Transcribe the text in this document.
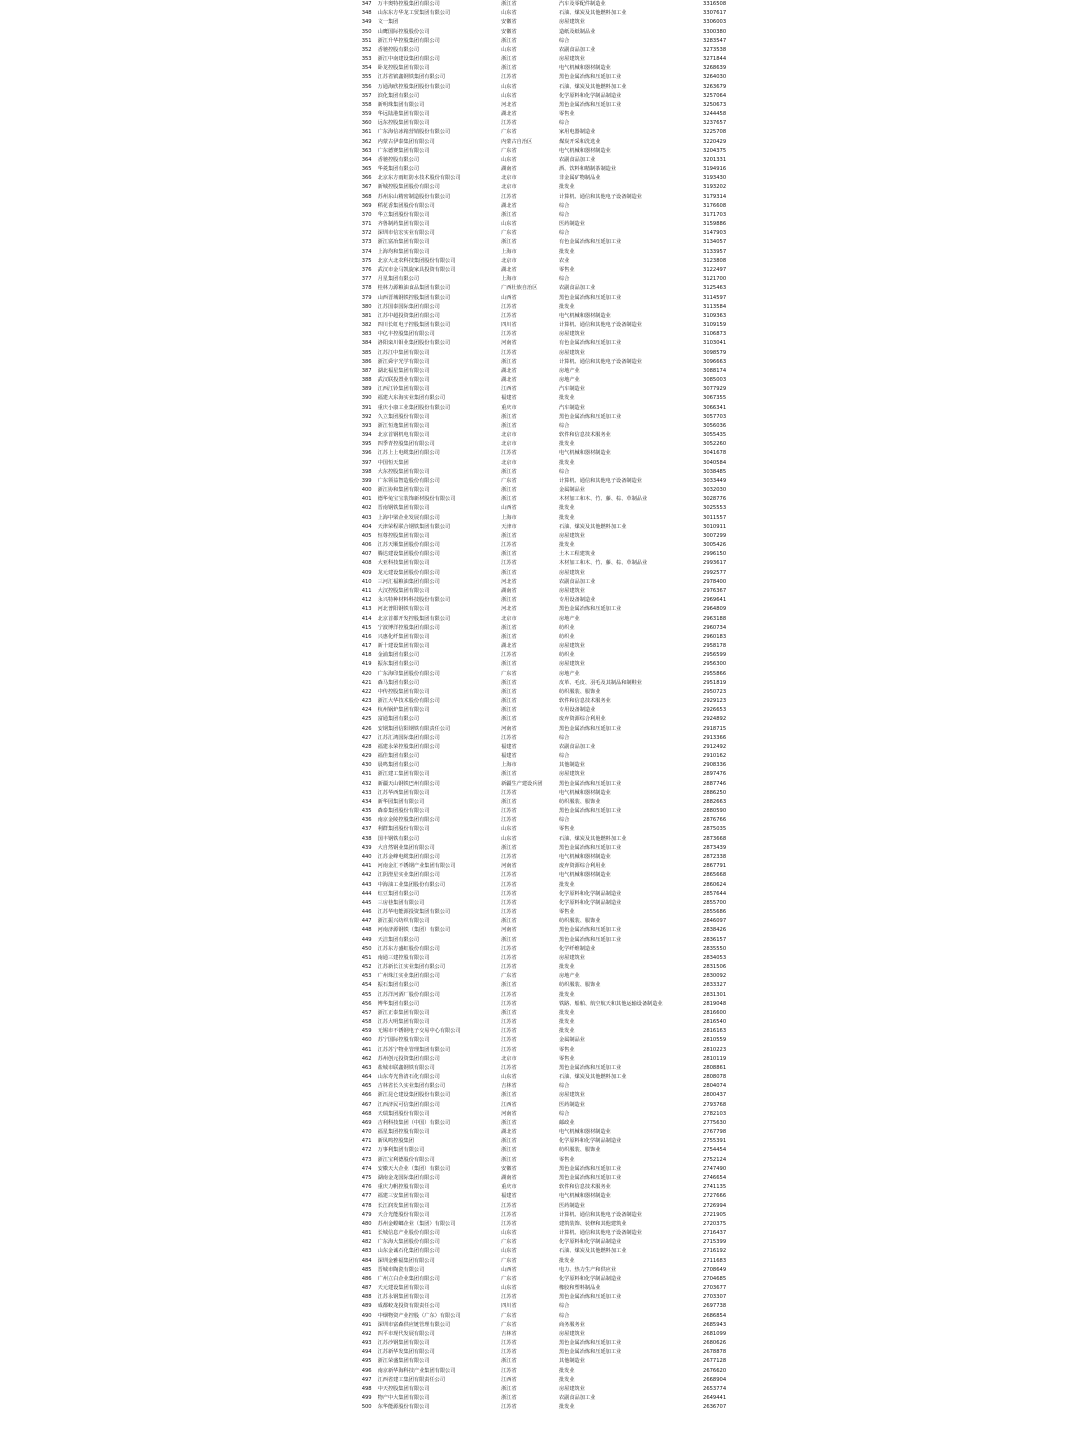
347	万丰奥特控股集团有限公司	浙江省	汽车及零配件制造业	3316508
348	山东东方华龙工贸集团有限公司	山东省	石油、煤炭及其他燃料加工业	3307617
349	文一集团	安徽省	房屋建筑业	3306003
350	山鹰国际控股股份公司	安徽省	造纸及纸制品业	3300380
351	浙江升华控股集团有限公司	浙江省	综合	3283547
352	香驰控股有限公司	山东省	农副食品加工业	3273538
353	浙江中南建设集团有限公司	浙江省	房屋建筑业	3271844
354	卧龙控股集团有限公司	浙江省	电气机械和器材制造业	3268639
355	江苏省镔鑫钢铁集团有限公司	江苏省	黑色金属冶炼和压延加工业	3264030
356	万通海欣控股集团股份有限公司	山东省	石油、煤炭及其他燃料加工业	3263679
357	滨化集团有限公司	山东省	化学原料和化学制品制造业	3257064
358	新明珠集团有限公司	河北省	黑色金属冶炼和压延加工业	3250673
359	华远陆港集团有限公司	湖北省	零售业	3244458
360	远东控股集团有限公司	江苏省	综合	3237657
361	广东海信冰箱营销股份有限公司	广东省	家用电器制造业	3225708
362	内蒙古伊泰集团有限公司	内蒙古自治区	煤炭开采和洗选业	3220429
363	广东德赛集团有限公司	广东省	电气机械和器材制造业	3204375
364	香驰控股有限公司	山东省	农副食品加工业	3201331
365	华菱集团有限公司	湖南省	酒、饮料和精制茶制造业	3194916
366	北京东方雨虹防水技术股份有限公司	北京市	非金属矿物制品业	3193430
367	新城控股集团股份有限公司	北京市	批发业	3193202
368	苏州东山精密制造股份有限公司	江苏省	计算机、通信和其他电子设备制造业	3179314
369	稻花香集团股份有限公司	湖北省	综合	3176608
370	华立集团股份有限公司	浙江省	综合	3171703
371	齐鲁制药集团有限公司	山东省	医药制造业	3159886
372	深圳市信宏实业有限公司	广东省	综合	3147903
373	浙江富冶集团有限公司	浙江省	有色金属冶炼和压延加工业	3134057
374	上海均和集团有限公司	上海市	批发业	3133957
375	北京大北农科技集团股份有限公司	北京市	农业	3123808
376	武汉市金马凯旋家具投资有限公司	湖北省	零售业	3122497
377	月星集团有限公司	上海市	综合	3121700
378	桂林力源粮油食品集团有限公司	广西壮族自治区	农副食品加工业	3125463
379	山西晋城钢铁控股集团有限公司	山西省	黑色金属冶炼和压延加工业	3114597
380	江苏国泰国际集团有限公司	江苏省	批发业	3113584
381	江苏中超投资集团有限公司	江苏省	电气机械和器材制造业	3109363
382	四川长虹电子控股集团有限公司	四川省	计算机、通信和其他电子设备制造业	3109159
383	中亿丰控股集团有限公司	江苏省	房屋建筑业	3106873
384	洛阳栾川钼业集团股份有限公司	河南省	有色金属冶炼和压延加工业	3103041
385	江苏江中集团有限公司	江苏省	房屋建筑业	3098579
386	浙江舜宇光学有限公司	浙江省	计算机、通信和其他电子设备制造业	3096663
387	湖北福星集团有限公司	湖北省	房地产业	3088174
388	武汉联投置业有限公司	湖北省	房地产业	3085003
389	江西江铃集团有限公司	江西省	汽车制造业	3077929
390	福建大东海实业集团有限公司	福建省	批发业	3067355
391	重庆小康工业集团股份有限公司	重庆市	汽车制造业	3066341
392	久立集团股份有限公司	浙江省	黑色金属冶炼和压延加工业	3057703
393	浙江恒逸集团有限公司	浙江省	综合	3056036
394	北京首钢机电有限公司	北京市	软件和信息技术服务业	3055435
395	四季青控股集团有限公司	北京市	批发业	3052260
396	江苏上上电缆集团有限公司	江苏省	电气机械和器材制造业	3041678
397	中国恒天集团	北京市	批发业	3040584
398	大东控股集团有限公司	浙江省	综合	3038485
399	广东领益智造股份有限公司	广东省	计算机、通信和其他电子设备制造业	3033449
400	浙江协和集团有限公司	浙江省	金属制品业	3032030
401	德华兔宝宝装饰新材股份有限公司	浙江省	木材加工和木、竹、藤、棕、草制品业	3028776
402	晋南钢铁集团有限公司	山西省	批发业	3025553
403	上海中梁企业发展有限公司	上海市	批发业	3011557
404	天津荣程联合钢铁集团有限公司	天津市	石油、煤炭及其他燃料加工业	3010911
405	恒尊控股集团有限公司	浙江省	房屋建筑业	3007299
406	江苏天顺集团股份有限公司	江苏省	批发业	3005426
407	腾达建设集团股份有限公司	浙江省	土木工程建筑业	2996150
408	大亚科技集团有限公司	江苏省	木材加工和木、竹、藤、棕、草制品业	2993617
409	龙元建设集团股份有限公司	浙江省	房屋建筑业	2992577
410	三河汇福粮油集团有限公司	河北省	农副食品加工业	2978400
411	大汉控股集团有限公司	湖南省	房屋建筑业	2976367
412	永兴特种材料科技股份有限公司	浙江省	专用设备制造业	2969641
413	河北普阳钢铁有限公司	河北省	黑色金属冶炼和压延加工业	2964809
414	北京首都开发控股集团有限公司	北京市	房地产业	2963188
415	宁波博洋控股集团有限公司	浙江省	纺织业	2960734
416	兴惠化纤集团有限公司	浙江省	纺织业	2960183
417	新十建设集团有限公司	湖北省	房屋建筑业	2958178
418	金浦集团有限公司	江苏省	纺织业	2956599
419	振东集团有限公司	浙江省	房屋建筑业	2956300
420	广东海印集团股份有限公司	广东省	房地产业	2955866
421	森马集团有限公司	浙江省	皮革、毛皮、羽毛及其制品和制鞋业	2951819
422	中传控股集团有限公司	浙江省	纺织服装、服饰业	2950723
423	浙江大华技术股份有限公司	浙江省	软件和信息技术服务业	2929123
424	杭州锅炉集团有限公司	浙江省	专用设备制造业	2926653
425	富通集团有限公司	浙江省	废弃资源综合利用业	2924892
426	安钢集团信阳钢铁有限责任公司	河南省	黑色金属冶炼和压延加工业	2918715
427	江苏汇鸿国际集团有限公司	江苏省	综合	2913366
428	福建永荣控股集团有限公司	福建省	农副食品加工业	2912492
429	福佳集团有限公司	福建省	综合	2910162
430	晨鸣集团有限公司	上海市	其他制造业	2908336
431	浙江建工集团有限公司	浙江省	房屋建筑业	2897476
432	新疆天山钢铁巴州有限公司	新疆生产建设兵团	黑色金属冶炼和压延加工业	2887746
433	江苏华西集团有限公司	江苏省	电气机械和器材制造业	2886250
434	新华园集团有限公司	浙江省	纺织服装、服饰业	2882663
435	森泰集团股份有限公司	江苏省	黑色金属冶炼和压延加工业	2880590
436	南京金陵控股集团有限公司	江苏省	综合	2876766
437	利群集团股份有限公司	山东省	零售业	2875035
438	国丰钢铁有限公司	山东省	石油、煤炭及其他燃料加工业	2873668
439	大自然钢业集团有限公司	浙江省	黑色金属冶炼和压延加工业	2873439
440	江苏金峰电缆集团有限公司	江苏省	电气机械和器材制造业	2872338
441	河南金汇不锈钢产业集团有限公司	河南省	废弃资源综合利用业	2867791
442	江阴澄星实业集团有限公司	江苏省	电气机械和器材制造业	2865668
443	中海油工业集团股份有限公司	江苏省	批发业	2860624
444	红豆集团有限公司	江苏省	化学原料和化学制品制造业	2857644
445	三房巷集团有限公司	江苏省	化学原料和化学制品制造业	2855700
446	江苏华电能源投资集团有限公司	江苏省	零售业	2855686
447	浙江振兴纺织有限公司	浙江省	纺织服装、服饰业	2846097
448	河南济源钢铁（集团）有限公司	河南省	黑色金属冶炼和压延加工业	2838426
449	天洁集团有限公司	浙江省	黑色金属冶炼和压延加工业	2836157
450	江苏东方盛虹股份有限公司	江苏省	化学纤维制造业	2835550
451	南通三建控股有限公司	江苏省	房屋建筑业	2834053
452	江苏新长江实业集团有限公司	江苏省	批发业	2831506
453	广州珠江实业集团有限公司	广东省	房地产业	2830092
454	振石集团有限公司	浙江省	纺织服装、服饰业	2833327
455	江苏洋河酒厂股份有限公司	江苏省	批发业	2831301
456	博华集团有限公司	江苏省	铁路、船舶、航空航天和其他运输设备制造业	2819048
457	浙江正泰集团有限公司	浙江省	批发业	2816600
458	江苏大明集团有限公司	江苏省	批发业	2816540
459	无锡市不锈钢电子交易中心有限公司	江苏省	批发业	2816163
460	苏宁国际控股有限公司	江苏省	金属制品业	2810559
461	江苏苏宁物业管理集团有限公司	江苏省	零售业	2810223
462	苏州创元投资集团有限公司	北京市	零售业	2810119
463	盐城市联鑫钢铁有限公司	江苏省	黑色金属冶炼和压延加工业	2808861
464	山东寿光鲁清石化有限公司	山东省	石油、煤炭及其他燃料加工业	2808078
465	吉林省长久实业集团有限公司	吉林省	综合	2804074
466	浙江昆仑建设集团股份有限公司	浙江省	房屋建筑业	2800437
467	江西济民可信集团有限公司	江西省	医药制造业	2793768
468	天瑞集团股份有限公司	河南省	综合	2782103
469	吉利科技集团（中国）有限公司	浙江省	邮政业	2775630
470	福星集团控股有限公司	湖北省	电气机械和器材制造业	2767798
471	新凤鸣控股集团	浙江省	化学原料和化学制品制造业	2755391
472	万事利集团有限公司	浙江省	纺织服装、服饰业	2754454
473	浙江宝利德股份有限公司	浙江省	零售业	2752124
474	安徽天大企业（集团）有限公司	安徽省	黑色金属冶炼和压延加工业	2747490
475	湖南金龙国际集团有限公司	湖南省	黑色金属冶炼和压延加工业	2746654
476	重庆力帆控股有限公司	重庆市	软件和信息技术服务业	2741135
477	福建三安集团有限公司	福建省	电气机械和器材制造业	2727666
478	长江润发集团有限公司	江苏省	医药制造业	2726994
479	天合光能股份有限公司	江苏省	计算机、通信和其他电子设备制造业	2721905
480	苏州金螳螂企业（集团）有限公司	江苏省	建筑装饰、装修和其他建筑业	2720375
481	长城信息产业股份有限公司	山东省	计算机、通信和其他电子设备制造业	2716437
482	广东海大集团股份有限公司	广东省	化学原料和化学制品制造业	2715399
483	山东金诚石化集团有限公司	山东省	石油、煤炭及其他燃料加工业	2716192
484	深圳金雅福集团有限公司	广东省	批发业	2711683
485	晋城市陶瓷有限公司	山西省	电力、热力生产和供应业	2708649
486	广州立白企业集团有限公司	广东省	化学原料和化学制品制造业	2704685
487	天元建设集团有限公司	山东省	橡胶和塑料制品业	2703677
488	江苏永钢集团有限公司	江苏省	黑色金属冶炼和压延加工业	2703307
489	成都蛟龙投资有限责任公司	四川省	综合	2697738
490	中烟物资产业控股（广东）有限公司	广东省	综合	2686854
491	深圳市富森供应链管理有限公司	广东省	商务服务业	2685943
492	四平市现代发展有限公司	吉林省	房屋建筑业	2681099
493	江苏沙钢集团有限公司	江苏省	黑色金属冶炼和压延加工业	2680626
494	江苏新华发集团有限公司	江苏省	黑色金属冶炼和压延加工业	2678878
495	浙江荣盛集团有限公司	浙江省	其他制造业	2677128
496	南京新华海科技产业集团有限公司	江苏省	批发业	2676620
497	江西省建工集团有限责任公司	江西省	批发业	2668904
498	中天控股集团有限公司	浙江省	房屋建筑业	2653774
499	物产中大集团有限公司	浙江省	农副食品加工业	2649441
500	东华能源股份有限公司	江苏省	批发业	2636707
